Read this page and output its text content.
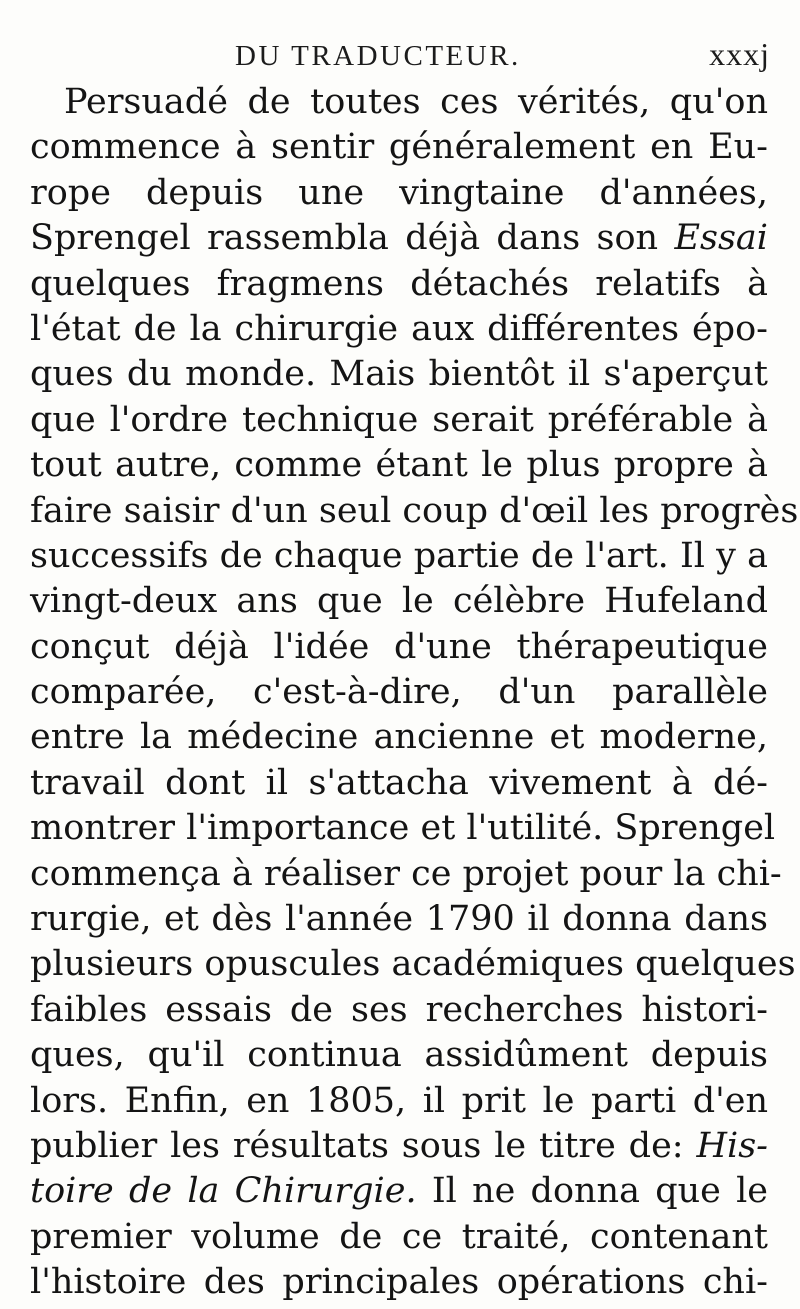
DU TRADUCTEUR.	xxxj
Persuadé de toutes ces vérités, qu'on
commence à sentir généralement en Eu-
rope depuis une vingtaine d'années,
Sprengel rassembla déjà dans son Essai
quelques fragmens détachés relatifs à
l'état de la chirurgie aux différentes épo-
ques du monde. Mais bientôt il s'aperçut
que l'ordre technique serait préférable à
tout autre, comme étant le plus propre à
faire saisir d'un seul coup d'œil les progrès
successifs de chaque partie de l'art. Il y a
vingt-deux ans que le célèbre Hufeland
conçut déjà l'idée d'une thérapeutique
comparée, c'est-à-dire, d'un parallèle
entre la médecine ancienne et moderne,
travail dont il s'attacha vivement à dé-
montrer l'importance et l'utilité. Sprengel
commença à réaliser ce projet pour la chi-
rurgie, et dès l'année 1790 il donna dans
plusieurs opuscules académiques quelques
faibles essais de ses recherches histori-
ques, qu'il continua assidûment depuis
lors. Enfin, en 1805, il prit le parti d'en
publier les résultats sous le titre de: His-
toire de la Chirurgie. Il ne donna que le
premier volume de ce traité, contenant
l'histoire des principales opérations chi-
